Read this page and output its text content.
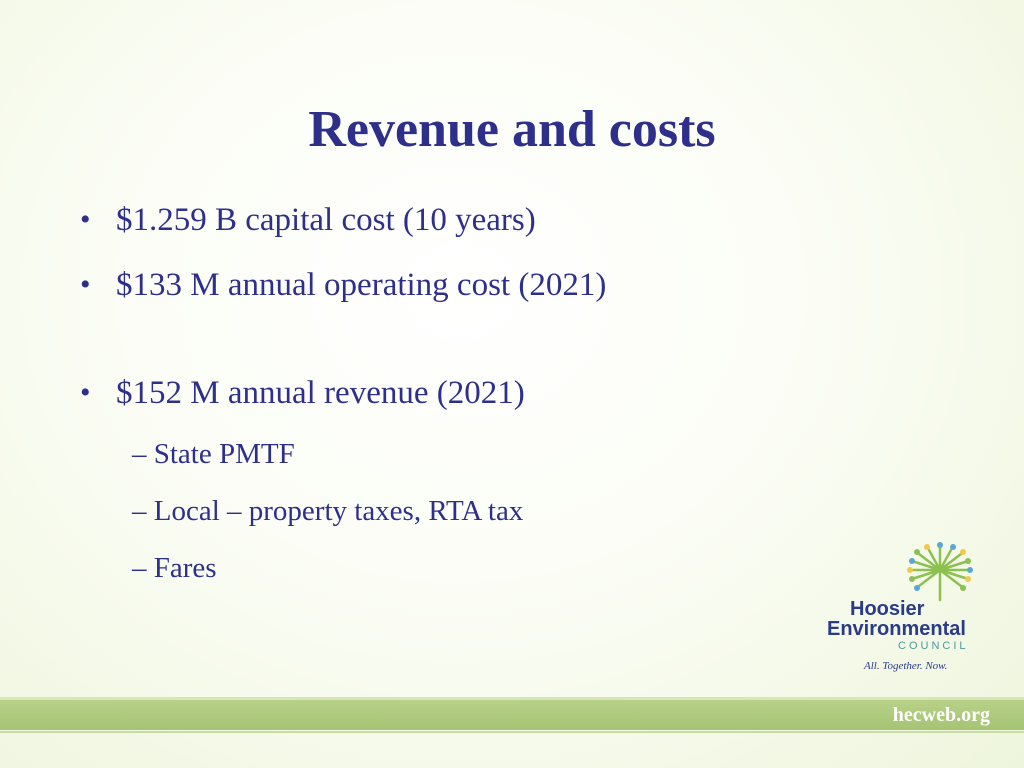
Revenue and costs
• $1.259 B capital cost (10 years)
• $133 M annual operating cost (2021)
• $152 M annual revenue (2021)
– State PMTF
– Local – property taxes, RTA tax
– Fares
Hoosier
Environmental
COUNCIL
All. Together. Now.
hecweb.org
